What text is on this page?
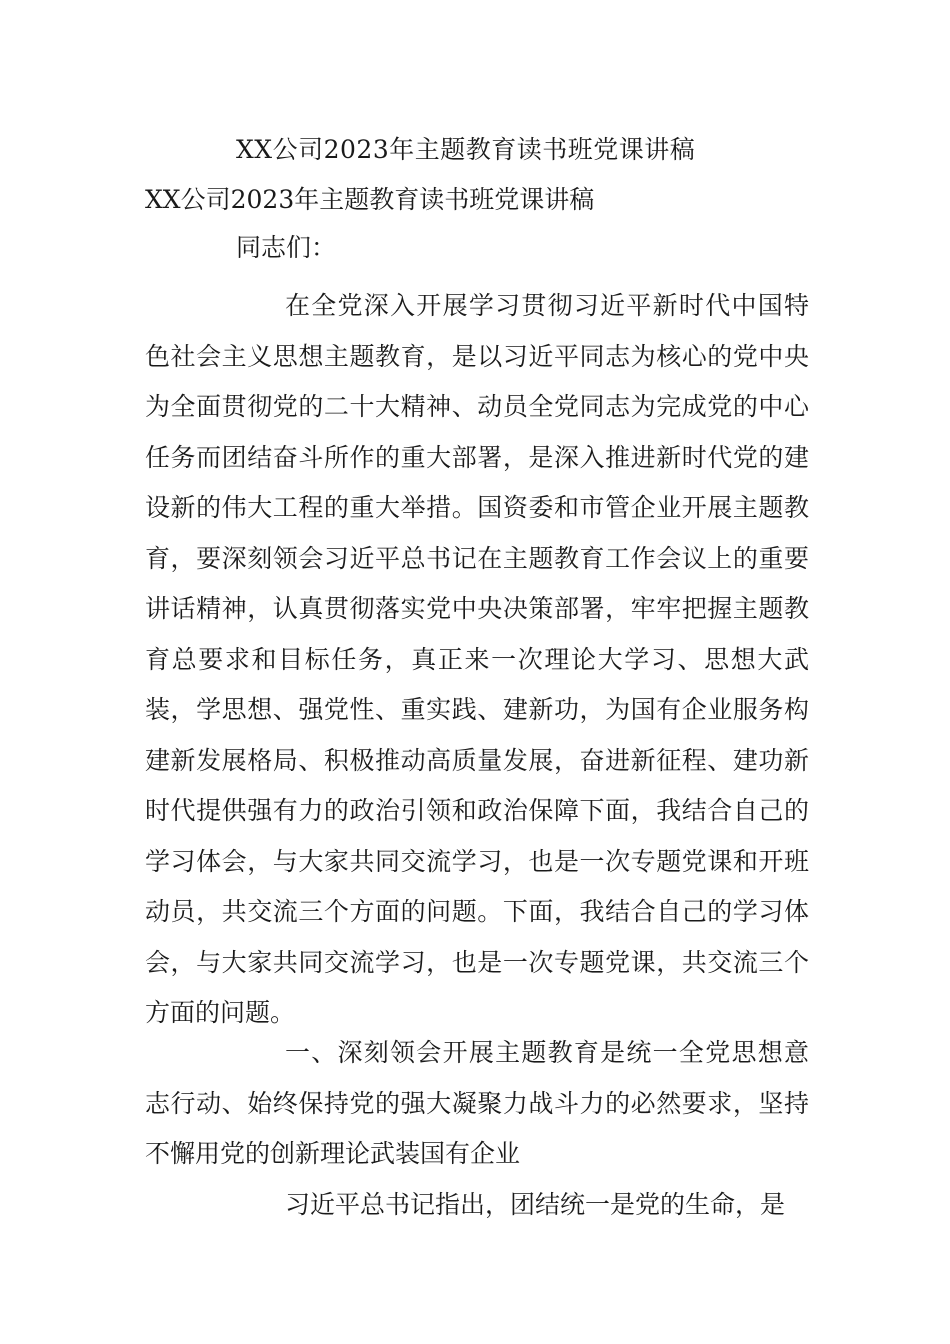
XX公司2023年主题教育读书班党课讲稿
XX公司2023年主题教育读书班党课讲稿

同志们：

在全党深入开展学习贯彻习近平新时代中国特色社会主义思想主题教育，是以习近平同志为核心的党中央为全面贯彻党的二十大精神、动员全党同志为完成党的中心任务而团结奋斗所作的重大部署，是深入推进新时代党的建设新的伟大工程的重大举措。国资委和市管企业开展主题教育，要深刻领会习近平总书记在主题教育工作会议上的重要讲话精神，认真贯彻落实党中央决策部署，牢牢把握主题教育总要求和目标任务，真正来一次理论大学习、思想大武装，学思想、强党性、重实践、建新功，为国有企业服务构建新发展格局、积极推动高质量发展，奋进新征程、建功新时代提供强有力的政治引领和政治保障下面，我结合自己的学习体会，与大家共同交流学习，也是一次专题党课和开班动员，共交流三个方面的问题。下面，我结合自己的学习体会，与大家共同交流学习，也是一次专题党课，共交流三个方面的问题。

一、深刻领会开展主题教育是统一全党思想意志行动、始终保持党的强大凝聚力战斗力的必然要求，坚持不懈用党的创新理论武装国有企业

习近平总书记指出，团结统一是党的生命，是
